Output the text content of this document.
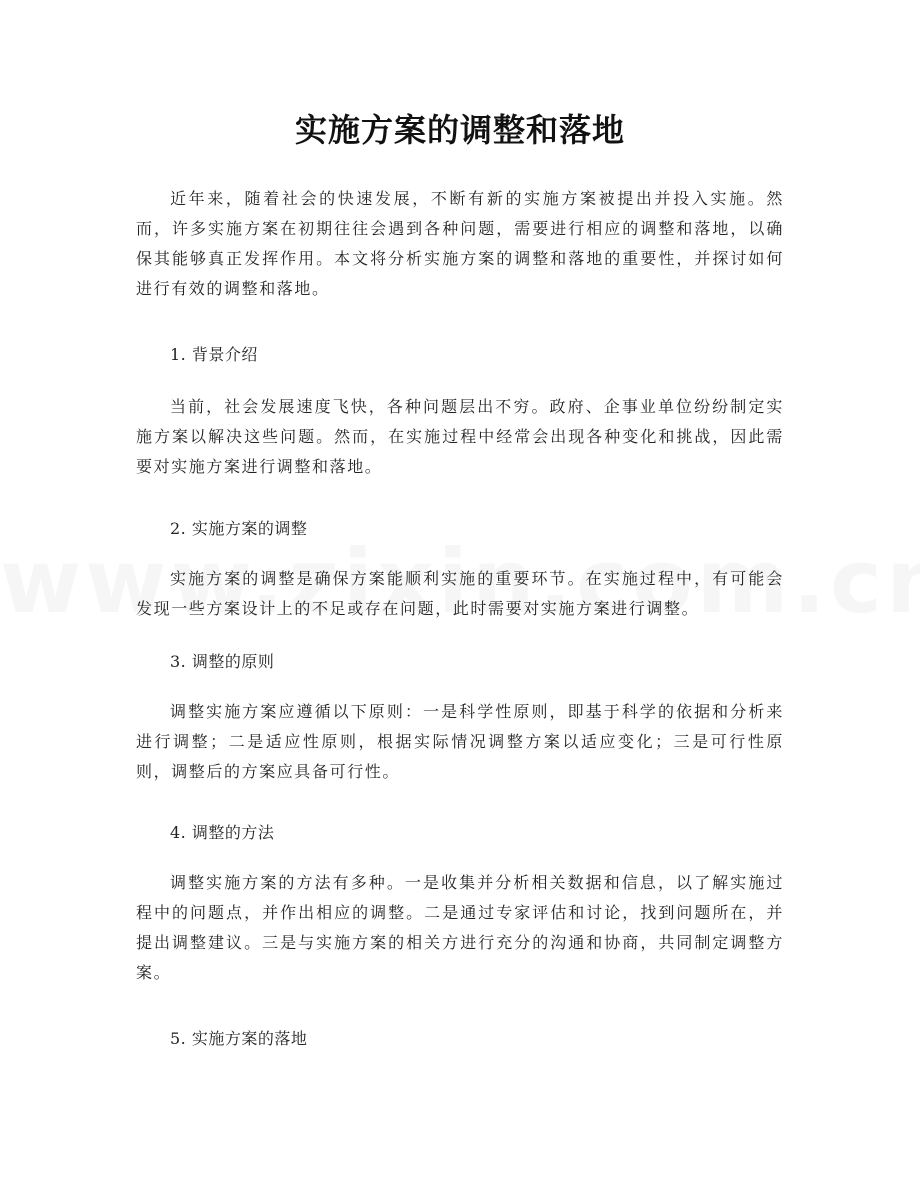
实施方案的调整和落地
近年来，随着社会的快速发展，不断有新的实施方案被提出并投入实施。然而，许多实施方案在初期往往会遇到各种问题，需要进行相应的调整和落地，以确保其能够真正发挥作用。本文将分析实施方案的调整和落地的重要性，并探讨如何进行有效的调整和落地。
1. 背景介绍
当前，社会发展速度飞快，各种问题层出不穷。政府、企事业单位纷纷制定实施方案以解决这些问题。然而，在实施过程中经常会出现各种变化和挑战，因此需要对实施方案进行调整和落地。
2. 实施方案的调整
实施方案的调整是确保方案能顺利实施的重要环节。在实施过程中，有可能会发现一些方案设计上的不足或存在问题，此时需要对实施方案进行调整。
3. 调整的原则
调整实施方案应遵循以下原则：一是科学性原则，即基于科学的依据和分析来进行调整；二是适应性原则，根据实际情况调整方案以适应变化；三是可行性原则，调整后的方案应具备可行性。
4. 调整的方法
调整实施方案的方法有多种。一是收集并分析相关数据和信息，以了解实施过程中的问题点，并作出相应的调整。二是通过专家评估和讨论，找到问题所在，并提出调整建议。三是与实施方案的相关方进行充分的沟通和协商，共同制定调整方案。
5. 实施方案的落地
